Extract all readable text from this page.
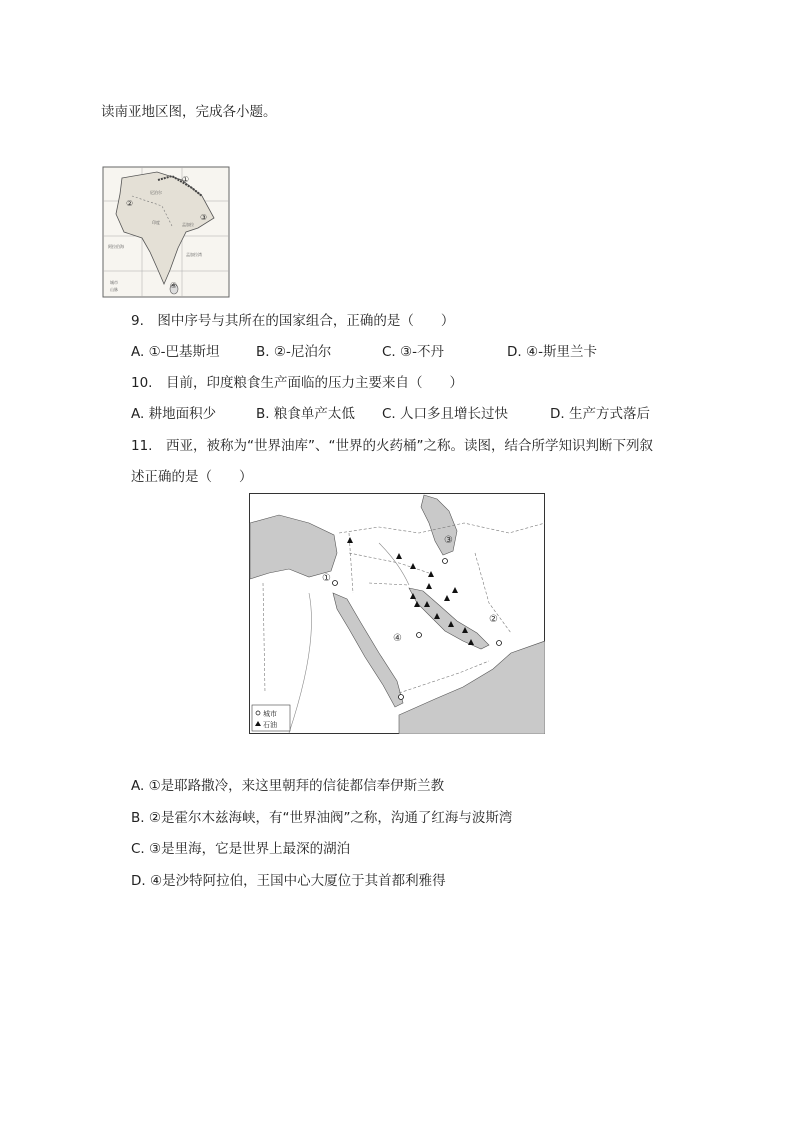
读南亚地区图，完成各小题。
①
②
③
④
尼泊尔
孟加拉
印度
阿拉伯海
孟加拉湾
城市
山脉
9.　图中序号与其所在的国家组合，正确的是（　　）
A. ①-巴基斯坦	B. ②-尼泊尔	C. ③-不丹	D. ④-斯里兰卡
10.　目前，印度粮食生产面临的压力主要来自（　　）
A. 耕地面积少	B. 粮食单产太低 C. 人口多且增长过快	D. 生产方式落后
11.　西亚，被称为“世界油库”、“世界的火药桶”之称。读图，结合所学知识判断下列叙
述正确的是（　　）
①
②
③
④
城市
石油
A. ①是耶路撒冷，来这里朝拜的信徒都信奉伊斯兰教
B. ②是霍尔木兹海峡，有“世界油阀”之称，沟通了红海与波斯湾
C. ③是里海，它是世界上最深的湖泊
D. ④是沙特阿拉伯，王国中心大厦位于其首都利雅得
